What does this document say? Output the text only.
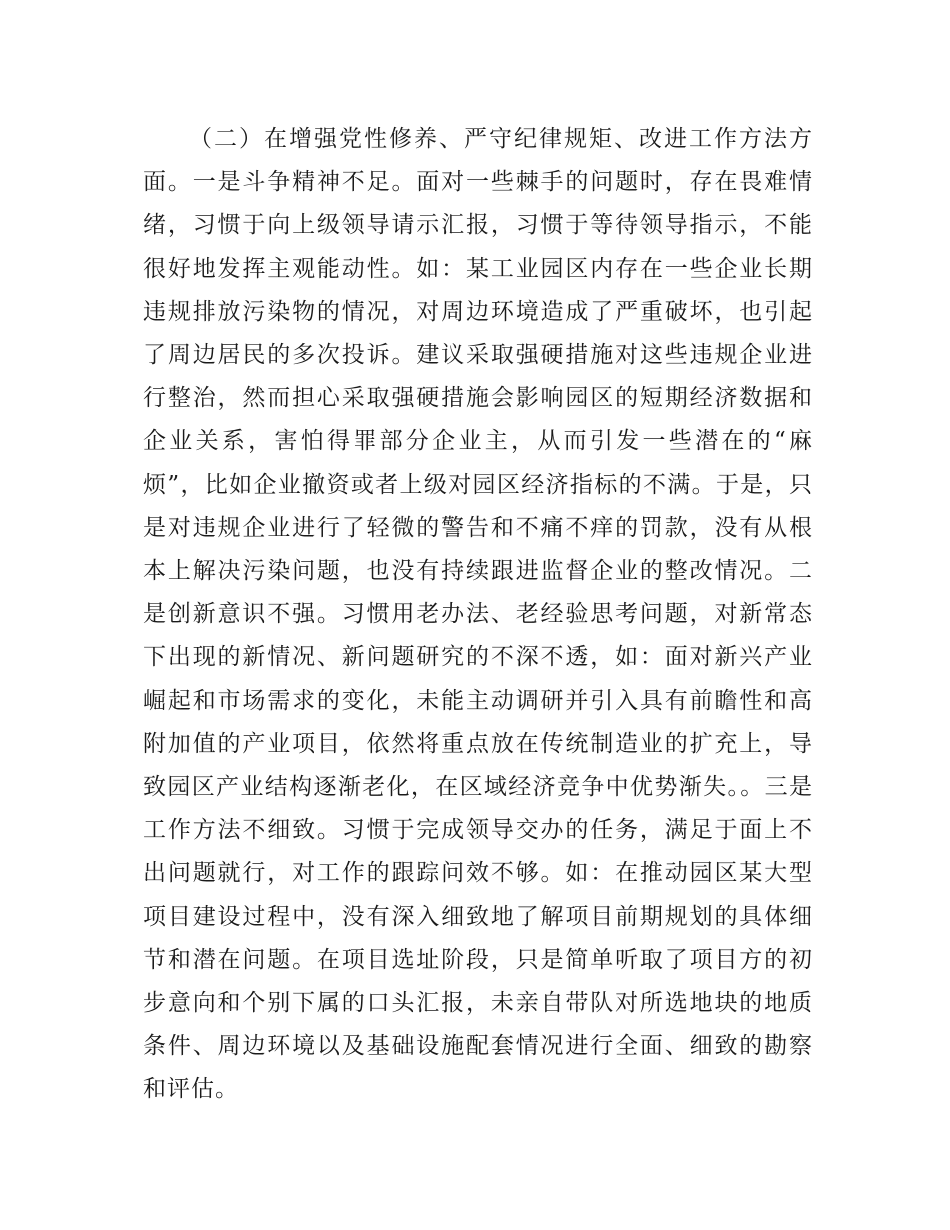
（二）在增强党性修养、严守纪律规矩、改进工作方法方面。一是斗争精神不足。面对一些棘手的问题时，存在畏难情绪，习惯于向上级领导请示汇报，习惯于等待领导指示，不能很好地发挥主观能动性。如：某工业园区内存在一些企业长期违规排放污染物的情况，对周边环境造成了严重破坏，也引起了周边居民的多次投诉。建议采取强硬措施对这些违规企业进行整治，然而担心采取强硬措施会影响园区的短期经济数据和企业关系，害怕得罪部分企业主，从而引发一些潜在的“麻烦”，比如企业撤资或者上级对园区经济指标的不满。于是，只是对违规企业进行了轻微的警告和不痛不痒的罚款，没有从根本上解决污染问题，也没有持续跟进监督企业的整改情况。二是创新意识不强。习惯用老办法、老经验思考问题，对新常态下出现的新情况、新问题研究的不深不透，如：面对新兴产业崛起和市场需求的变化，未能主动调研并引入具有前瞻性和高附加值的产业项目，依然将重点放在传统制造业的扩充上，导致园区产业结构逐渐老化，在区域经济竞争中优势渐失。。三是工作方法不细致。习惯于完成领导交办的任务，满足于面上不出问题就行，对工作的跟踪问效不够。如：在推动园区某大型项目建设过程中，没有深入细致地了解项目前期规划的具体细节和潜在问题。在项目选址阶段，只是简单听取了项目方的初步意向和个别下属的口头汇报，未亲自带队对所选地块的地质条件、周边环境以及基础设施配套情况进行全面、细致的勘察和评估。
